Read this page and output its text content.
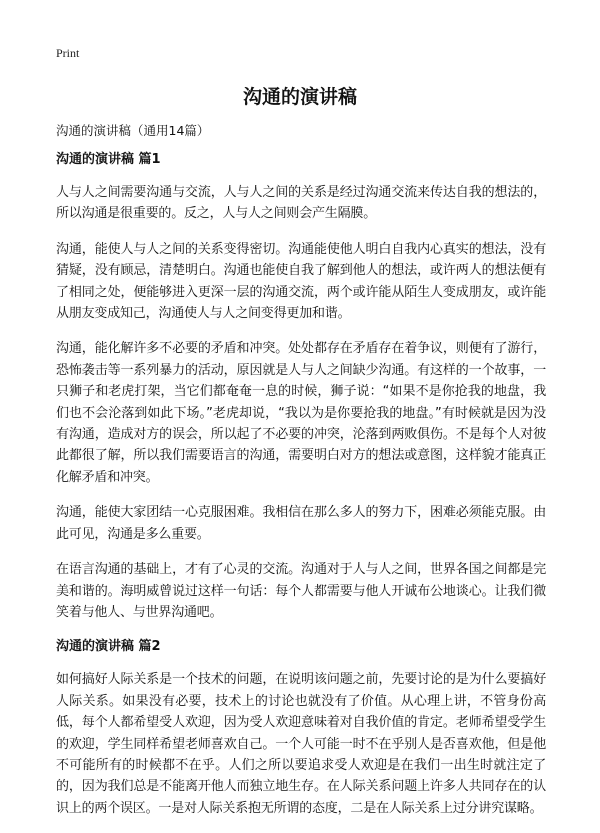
Print
沟通的演讲稿

沟通的演讲稿（通用14篇）

沟通的演讲稿 篇1

人与人之间需要沟通与交流，人与人之间的关系是经过沟通交流来传达自我的想法的，所以沟通是很重要的。反之，人与人之间则会产生隔膜。

沟通，能使人与人之间的关系变得密切。沟通能使他人明白自我内心真实的想法，没有猜疑，没有顾忌，清楚明白。沟通也能使自我了解到他人的想法，或许两人的想法便有了相同之处，便能够进入更深一层的沟通交流，两个或许能从陌生人变成朋友，或许能从朋友变成知己，沟通使人与人之间变得更加和谐。

沟通，能化解许多不必要的矛盾和冲突。处处都存在矛盾存在着争议，则便有了游行，恐怖袭击等一系列暴力的活动，原因就是人与人之间缺少沟通。有这样的一个故事，一只狮子和老虎打架，当它们都奄奄一息的时候，狮子说：“如果不是你抢我的地盘，我们也不会沦落到如此下场。”老虎却说，“我以为是你要抢我的地盘。”有时候就是因为没有沟通，造成对方的误会，所以起了不必要的冲突，沦落到两败俱伤。不是每个人对彼此都很了解，所以我们需要语言的沟通，需要明白对方的想法或意图，这样貌才能真正化解矛盾和冲突。

沟通，能使大家团结一心克服困难。我相信在那么多人的努力下，困难必须能克服。由此可见，沟通是多么重要。

在语言沟通的基础上，才有了心灵的交流。沟通对于人与人之间，世界各国之间都是完美和谐的。海明威曾说过这样一句话：每个人都需要与他人开诚布公地谈心。让我们微笑着与他人、与世界沟通吧。

沟通的演讲稿 篇2

如何搞好人际关系是一个技术的问题，在说明该问题之前，先要讨论的是为什么要搞好人际关系。如果没有必要，技术上的讨论也就没有了价值。从心理上讲，不管身份高低，每个人都希望受人欢迎，因为受人欢迎意味着对自我价值的肯定。老师希望受学生的欢迎，学生同样希望老师喜欢自己。一个人可能一时不在乎别人是否喜欢他，但是他不可能所有的时候都不在乎。人们之所以要追求受人欢迎是在我们一出生时就注定了的，因为我们总是不能离开他人而独立地生存。在人际关系问题上许多人共同存在的认识上的两个误区。一是对人际关系抱无所谓的态度，二是在人际关系上过分讲究谋略。
